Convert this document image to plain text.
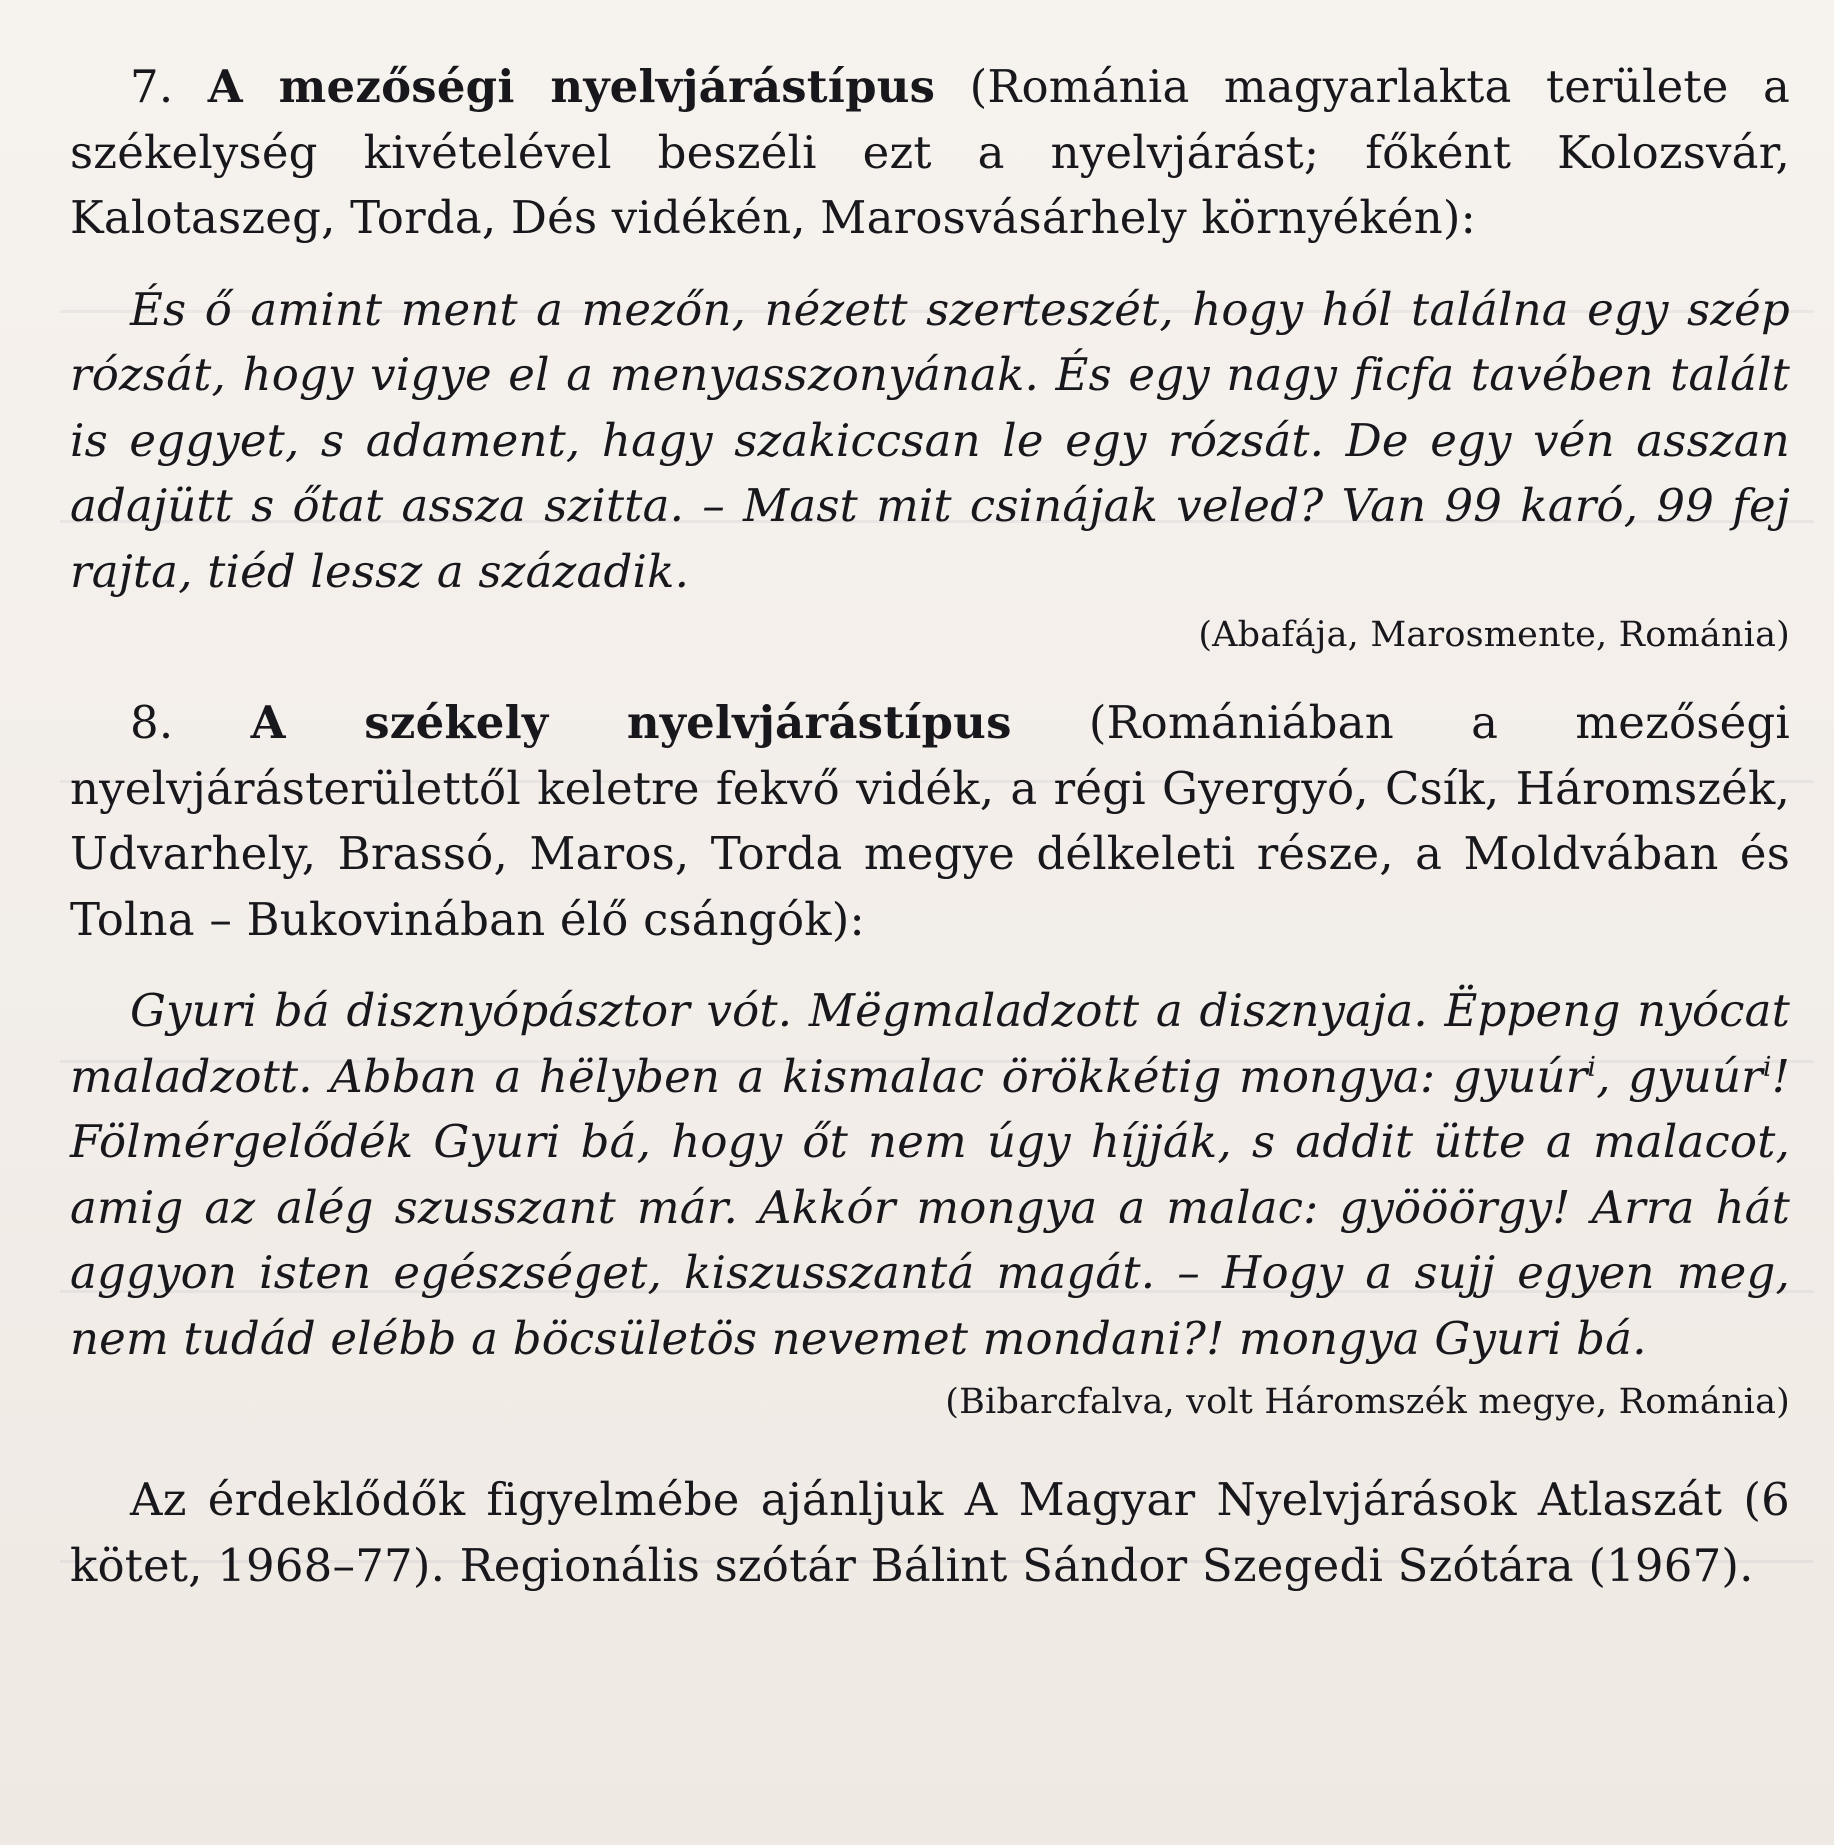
7. A mezőségi nyelvjárástípus (Románia magyarlakta területe a székelység kivételével beszéli ezt a nyelvjárást; főként Kolozsvár, Kalotaszeg, Torda, Dés vidékén, Marosvásárhely környékén):

És ő amint ment a mezőn, nézett szerteszét, hogy hól találna egy szép rózsát, hogy vigye el a menyasszonyának. És egy nagy ficfa tavében talált is eggyet, s adament, hagy szakiccsan le egy rózsát. De egy vén asszan adajütt s őtat assza szitta. – Mast mit csinájak veled? Van 99 karó, 99 fej rajta, tiéd lessz a századik.

(Abafája, Marosmente, Románia)

8. A székely nyelvjárástípus (Romániában a mezőségi nyelvjárásterülettől keletre fekvő vidék, a régi Gyergyó, Csík, Háromszék, Udvarhely, Brassó, Maros, Torda megye délkeleti része, a Moldvában és Tolna – Bukovinában élő csángók):

Gyuri bá disznyópásztor vót. Mëgmaladzott a disznyaja. Ëppeng nyócat maladzott. Abban a hëlyben a kismalac örökkétig mongya: gyuúr$^i$, gyuúr$^i$! Fölmérgelődék Gyuri bá, hogy őt nem úgy híjják, s addit ütte a malacot, amig az alég szusszant már. Akkór mongya a malac: gyööörgy! Arra hát aggyon isten egészséget, kiszusszantá magát. – Hogy a sujj egyen meg, nem tudád elébb a böcsületös nevemet mondani?! mongya Gyuri bá.

(Bibarcfalva, volt Háromszék megye, Románia)

Az érdeklődők figyelmébe ajánljuk A Magyar Nyelvjárások Atlaszát (6 kötet, 1968–77). Regionális szótár Bálint Sándor Szegedi Szótára (1967).
